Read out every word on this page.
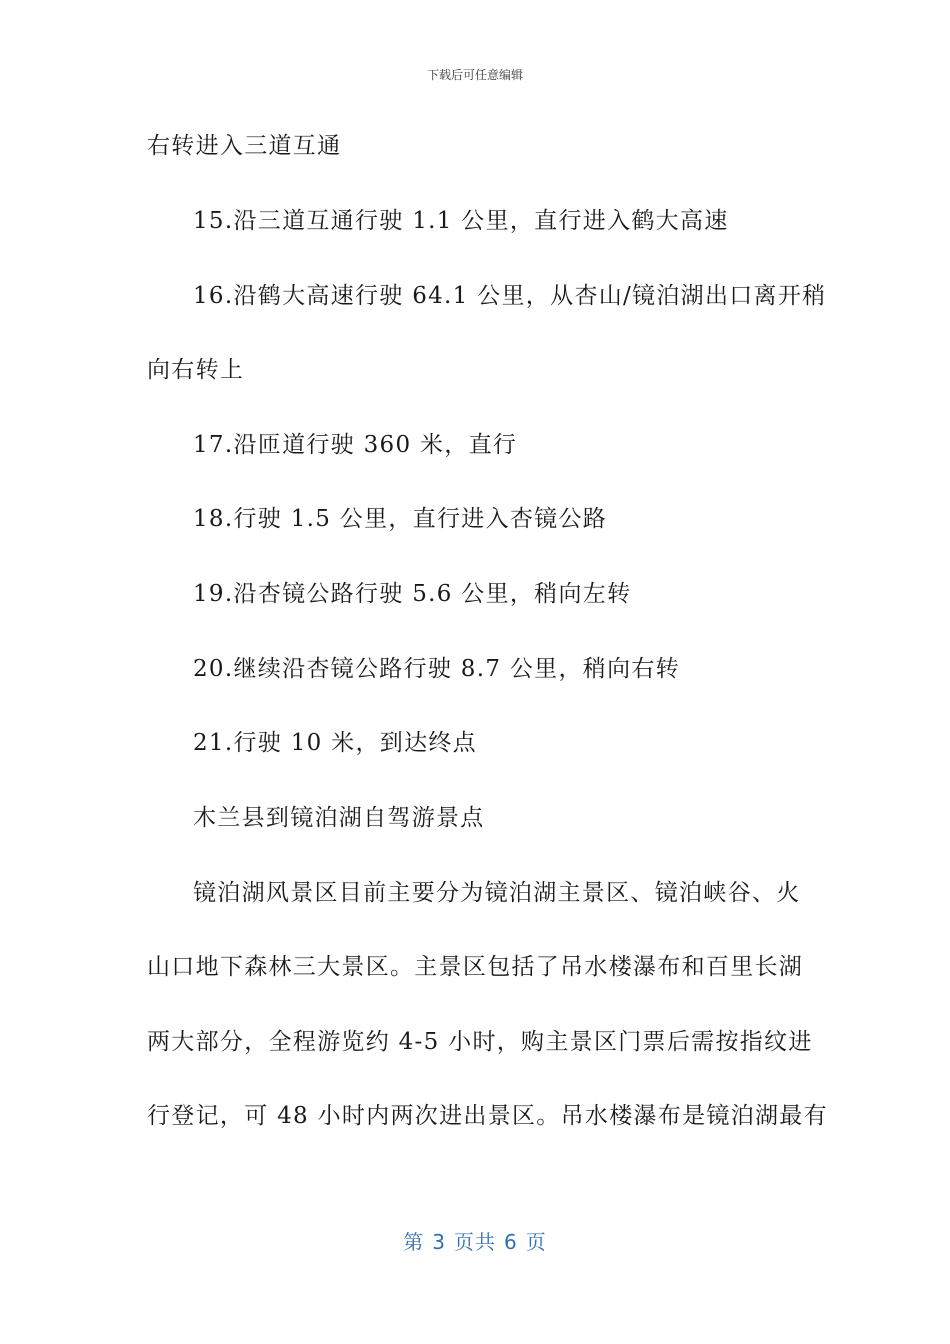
下载后可任意编辑
右转进入三道互通
15.沿三道互通行驶 1.1 公里，直行进入鹤大高速
16.沿鹤大高速行驶 64.1 公里，从杏山/镜泊湖出口离开稍
向右转上
17.沿匝道行驶 360 米，直行
18.行驶 1.5 公里，直行进入杏镜公路
19.沿杏镜公路行驶 5.6 公里，稍向左转
20.继续沿杏镜公路行驶 8.7 公里，稍向右转
21.行驶 10 米，到达终点
木兰县到镜泊湖自驾游景点
镜泊湖风景区目前主要分为镜泊湖主景区、镜泊峡谷、火
山口地下森林三大景区。主景区包括了吊水楼瀑布和百里长湖
两大部分，全程游览约 4-5 小时，购主景区门票后需按指纹进
行登记，可 48 小时内两次进出景区。吊水楼瀑布是镜泊湖最有
第 3 页共 6 页
